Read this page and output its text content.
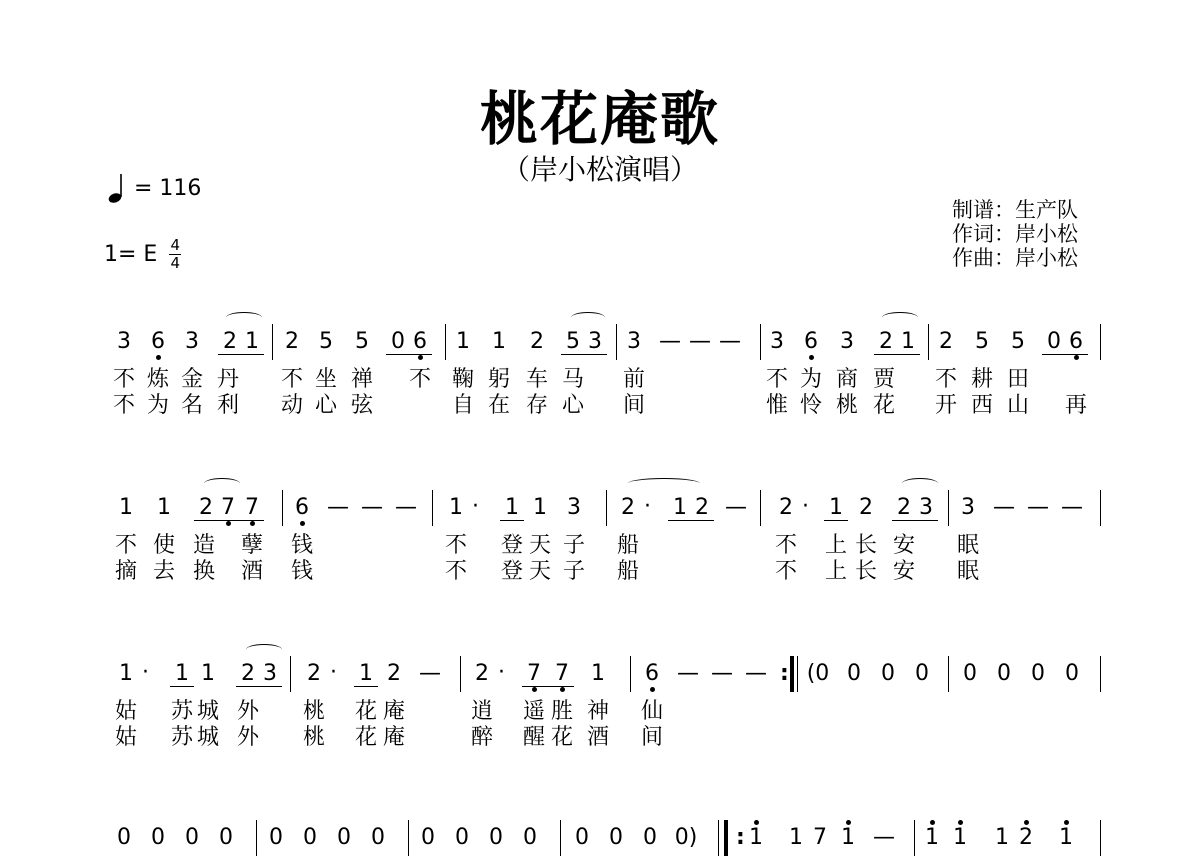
桃花庵歌
（岸小松演唱）
= 116
1= E 4
4
制谱：生产队
作词：岸小松
作曲：岸小松
3 6 3 2 1 2 5 5 0 6 1 1 2 5 3 3 — — — 3 6 3 2 1 2 5 5 0 6
不 炼 金 丹 不 坐 禅 不 鞠 躬 车 马 前	不 为 商 贾 不 耕 田
不 为 名 利 动 心 弦	自 在 存 心 间	惟 怜 桃 花 开 西 山 再
1 1 2 7 7 6 — — — 1 · 1 1 3 2 · 1 2 — 2 · 1 2 2 3 3 — — —
不 使 造 孽 钱	不 登 天 子 船	不 上 长 安 眠
摘 去 换 酒 钱	不 登 天 子 船	不 上 长 安 眠
1 · 1 1 2 3 2 · 1 2 — 2 · 7 7 1 6 — — — (0 0 0 0 0 0 0 0
:
姑 苏 城 外 桃 花 庵	逍 遥 胜 神 仙
姑 苏 城 外 桃 花 庵	醉 醒 花 酒 间
0 0 0 0 0 0 0 0 0 0 0 0 0 0 0 0) 1 1 7 1 — 1 1 1 2 1
:
